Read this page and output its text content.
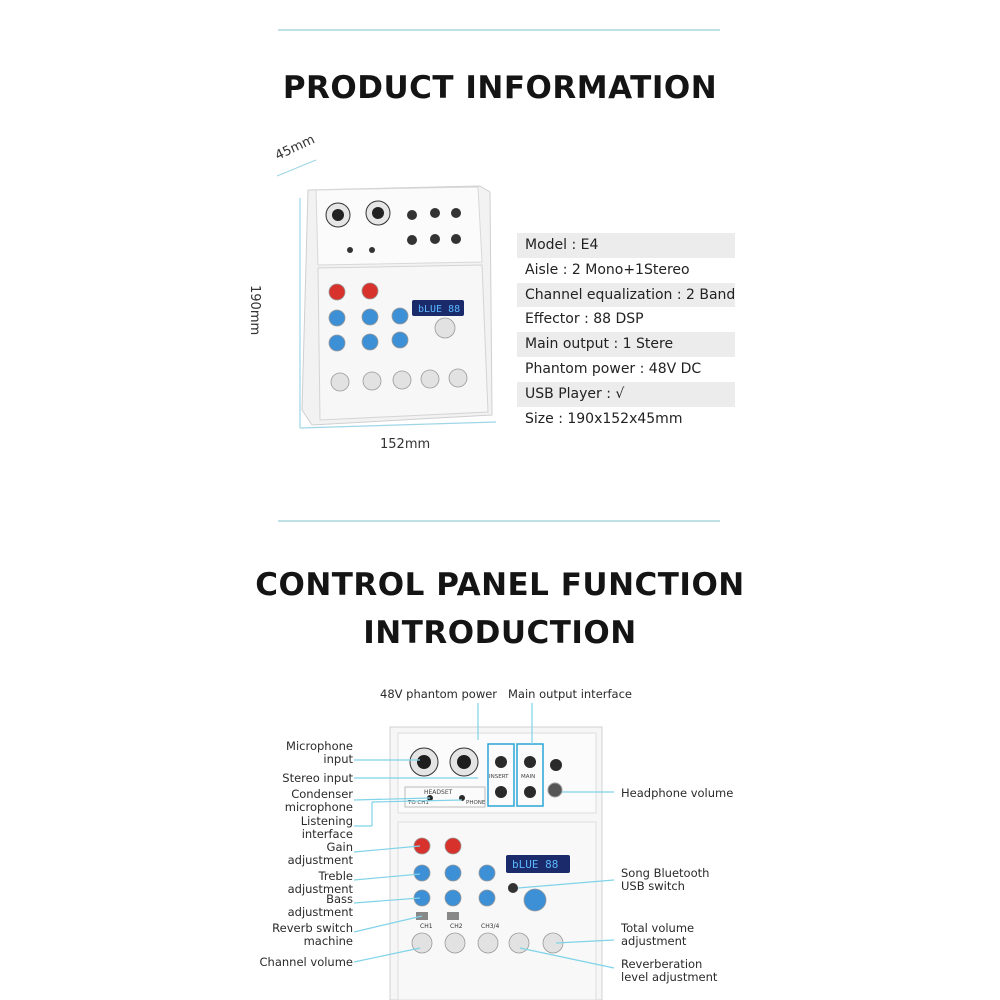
PRODUCT INFORMATION
bLUE 88
45mm
190mm
152mm
Model : E4
Aisle : 2 Mono+1Stereo
Channel equalization : 2 Band
Effector : 88 DSP
Main output : 1 Stere
Phantom power : 48V DC
USB Player : √
Size : 190x152x45mm
CONTROL PANEL FUNCTION
INTRODUCTION
HEADSET
TO CH1	PHONE
INSERT MAIN
CH1	CH2	CH3/4
bLUE 88
48V phantom power Main output interface
Microphone
input
Stereo input
Condenser
microphone
Listening
interface
Gain
adjustment
Treble
adjustment
Bass
adjustment
Reverb switch
machine
Channel volume
Headphone volume
Song Bluetooth
USB switch
Total volume
adjustment
Reverberation
level adjustment
